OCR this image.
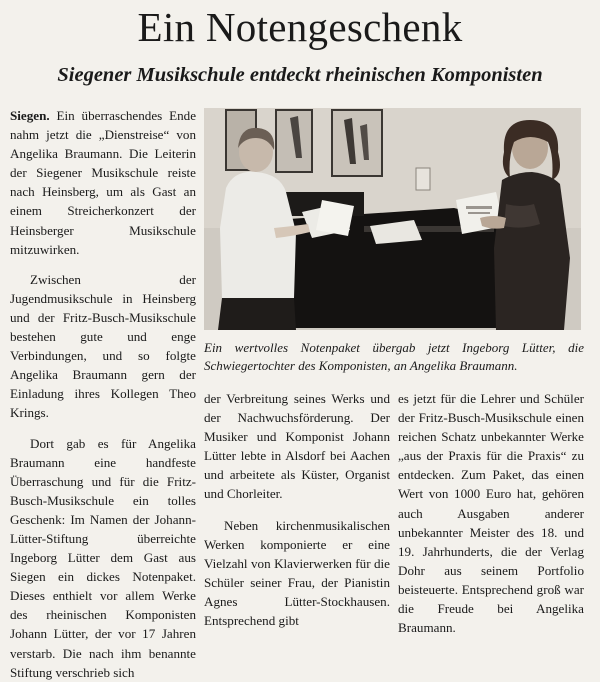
Ein Notengeschenk
Siegener Musikschule entdeckt rheinischen Komponisten

Siegen. Ein überraschendes Ende nahm jetzt die „Dienstreise“ von Angelika Braumann. Die Leiterin der Siegener Musikschule reiste nach Heinsberg, um als Gast an einem Streicherkonzert der Heinsberger Musikschule mitzuwirken.

Zwischen der Jugendmusikschule in Heinsberg und der Fritz-Busch-Musikschule bestehen gute und enge Verbindungen, und so folgte Angelika Braumann gern der Einladung ihres Kollegen Theo Krings.

Dort gab es für Angelika Braumann eine handfeste Überraschung und für die Fritz-Busch-Musikschule ein tolles Geschenk: Im Namen der Johann-Lütter-Stiftung überreichte Ingeborg Lütter dem Gast aus Siegen ein dickes Notenpaket. Dieses enthielt vor allem Werke des rheinischen Komponisten Johann Lütter, der vor 17 Jahren verstarb. Die nach ihm benannte Stiftung verschrieb sich

Ein wertvolles Notenpaket übergab jetzt Ingeborg Lütter, die Schwiegertochter des Komponisten, an Angelika Braumann.

der Verbreitung seines Werks und der Nachwuchsförderung. Der Musiker und Komponist Johann Lütter lebte in Alsdorf bei Aachen und arbeitete als Küster, Organist und Chorleiter.

Neben kirchenmusikalischen Werken komponierte er eine Vielzahl von Klavierwerken für die Schüler seiner Frau, der Pianistin Agnes Lütter-Stockhausen. Entsprechend gibt

es jetzt für die Lehrer und Schüler der Fritz-Busch-Musikschule einen reichen Schatz unbekannter Werke „aus der Praxis für die Praxis“ zu entdecken. Zum Paket, das einen Wert von 1000 Euro hat, gehören auch Ausgaben anderer unbekannter Meister des 18. und 19. Jahrhunderts, die der Verlag Dohr aus seinem Portfolio beisteuerte. Entsprechend groß war die Freude bei Angelika Braumann.
